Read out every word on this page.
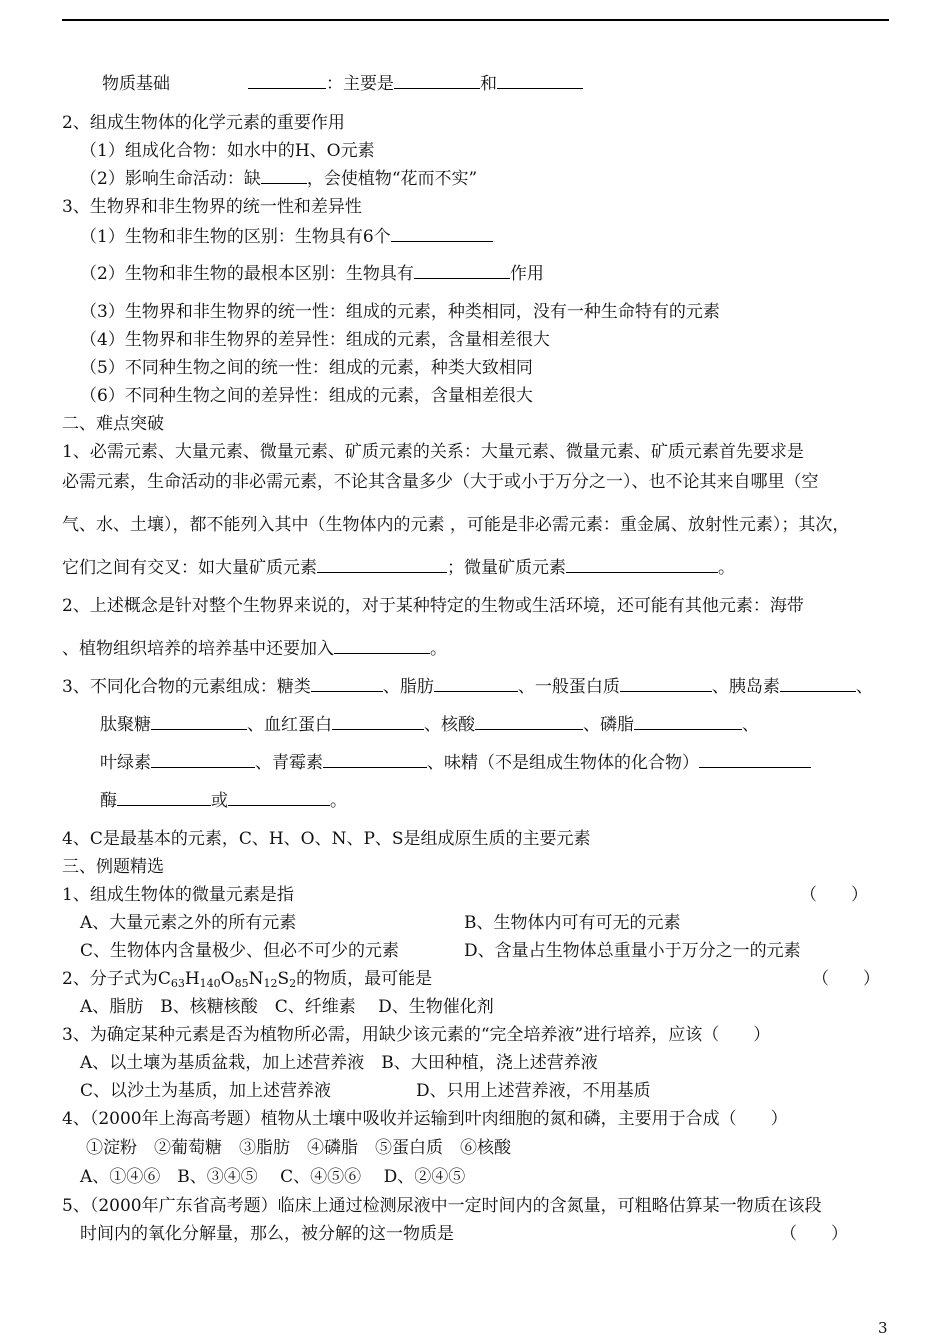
物质基础	：主要是	和
2、组成生物体的化学元素的重要作用
（1）组成化合物：如水中的H、O元素
（2）影响生命活动：缺	，会使植物“花而不实”
3、生物界和非生物界的统一性和差异性
（1）生物和非生物的区别：生物具有6个
（2）生物和非生物的最根本区别：生物具有	作用
（3）生物界和非生物界的统一性：组成的元素，种类相同，没有一种生命特有的元素
（4）生物界和非生物界的差异性：组成的元素，含量相差很大
（5）不同种生物之间的统一性：组成的元素，种类大致相同
（6）不同种生物之间的差异性：组成的元素，含量相差很大
二、难点突破
1、必需元素、大量元素、微量元素、矿质元素的关系：大量元素、微量元素、矿质元素首先要求是
必需元素，生命活动的非必需元素，不论其含量多少（大于或小于万分之一）、也不论其来自哪里（空
气、水、土壤），都不能列入其中（生物体内的元素 ，可能是非必需元素：重金属、放射性元素）；其次，
它们之间有交叉：如大量矿质元素	；微量矿质元素	。
2、上述概念是针对整个生物界来说的，对于某种特定的生物或生活环境，还可能有其他元素：海带
、植物组织培养的培养基中还要加入	。
3、不同化合物的元素组成：糖类	、脂肪	、一般蛋白质	、胰岛素	、
肽聚糖	、血红蛋白	、核酸	、磷脂	、
叶绿素	、青霉素	、味精（不是组成生物体的化合物）
酶	或	。
4、C是最基本的元素，C、H、O、N、P、S是组成原生质的主要元素
三、例题精选
1、组成生物体的微量元素是指	（　　）
A、大量元素之外的所有元素	B、生物体内可有可无的元素
C、生物体内含量极少、但必不可少的元素	D、含量占生物体总重量小于万分之一的元素
2、分子式为$C_{63}H_{140}O_{85}N_{12}S_2$的物质，最可能是	（　　）
A、脂肪　B、核糖核酸　C、纤维素　 D、生物催化剂
3、为确定某种元素是否为植物所必需，用缺少该元素的“完全培养液”进行培养，应该（　　）
A、以土壤为基质盆栽，加上述营养液　B、大田种植，浇上述营养液
C、以沙土为基质，加上述营养液	D、只用上述营养液，不用基质
4、（2000年上海高考题）植物从土壤中吸收并运输到叶肉细胞的氮和磷，主要用于合成（　　）
①淀粉　②葡萄糖　③脂肪　④磷脂　⑤蛋白质　⑥核酸
A、①④⑥　B、③④⑤　 C、④⑤⑥　 D、②④⑤
5、（2000年广东省高考题）临床上通过检测尿液中一定时间内的含氮量，可粗略估算某一物质在该段
时间内的氧化分解量，那么，被分解的这一物质是	（　　）
3
